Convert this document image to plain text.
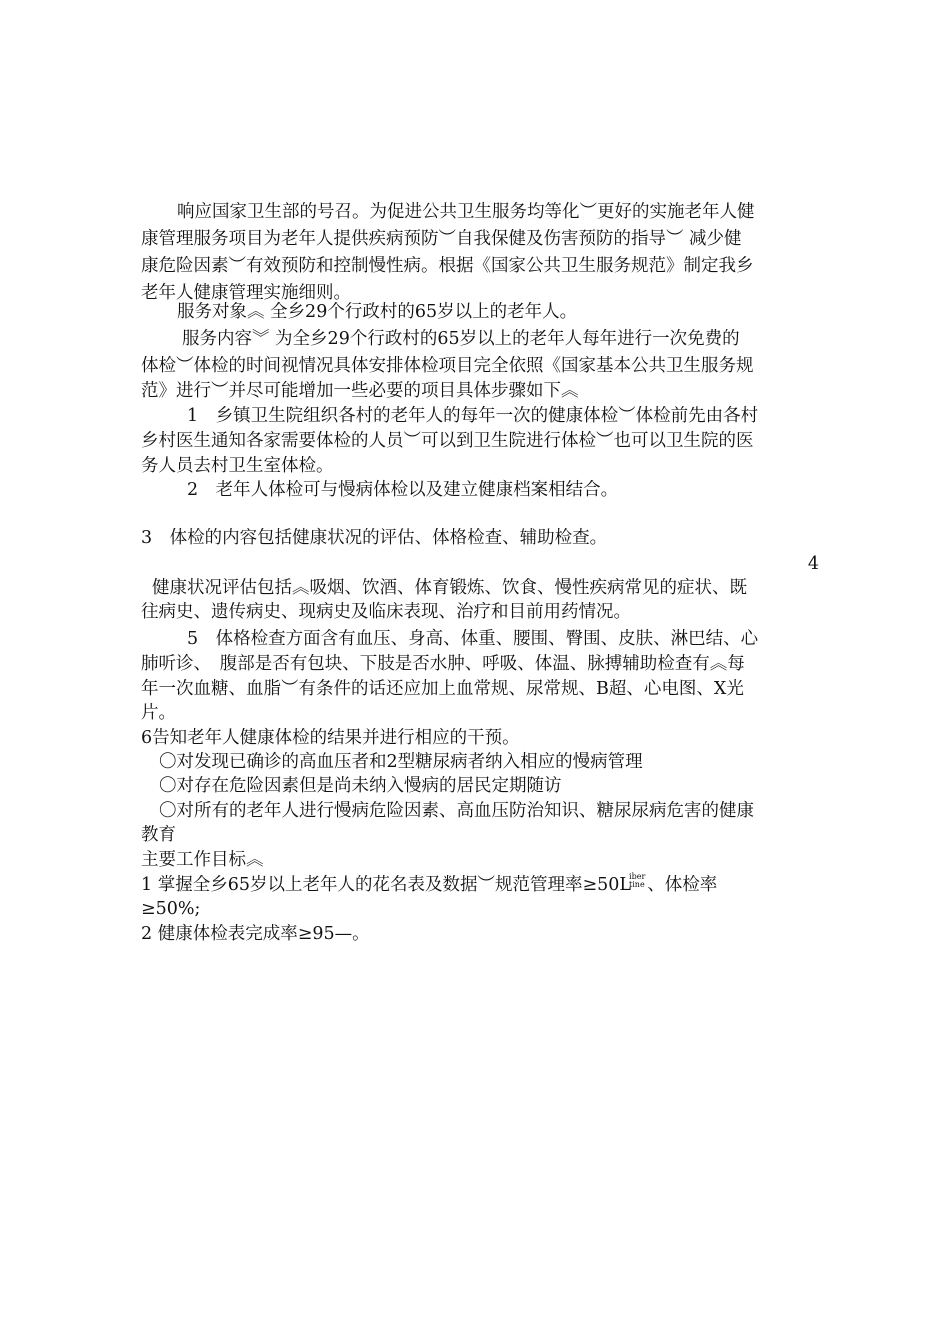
响应国家卫生部的号召。为促进公共卫生服务均等化︶更好的实施老年人健
康管理服务项目为老年人提供疾病预防︶自我保健及伤害预防的指导︶ 减少健
康危险因素︶有效预防和控制慢性病。根据《国家公共卫生服务规范》制定我乡
老年人健康管理实施细则。
服务对象︽ 全乡29个行政村的65岁以上的老年人。
服务内容︾ 为全乡29个行政村的65岁以上的老年人每年进行一次免费的
体检︶体检的时间视情况具体安排体检项目完全依照《国家基本公共卫生服务规
范》进行︶并尽可能增加一些必要的项目具体步骤如下︽
1　乡镇卫生院组织各村的老年人的每年一次的健康体检︶体检前先由各村
乡村医生通知各家需要体检的人员︶可以到卫生院进行体检︶也可以卫生院的医
务人员去村卫生室体检。
2　老年人体检可与慢病体检以及建立健康档案相结合。
3　体检的内容包括健康状况的评估、体格检查、辅助检查。
4
健康状况评估包括︽吸烟、饮酒、体育锻炼、饮食、慢性疾病常见的症状、既
往病史、遗传病史、现病史及临床表现、治疗和目前用药情况。
5　体格检查方面含有血压、身高、体重、腰围、臀围、皮肤、淋巴结、心
肺听诊、　腹部是否有包块、下肢是否水肿、呼吸、体温、脉搏辅助检查有︽每
年一次血糖、血脂︶有条件的话还应加上血常规、尿常规、B超、心电图、X光
片。
6告知老年人健康体检的结果并进行相应的干预。
〇对发现已确诊的高血压者和2型糖尿病者纳入相应的慢病管理
〇对存在危险因素但是尚未纳入慢病的居民定期随访
〇对所有的老年人进行慢病危险因素、高血压防治知识、糖尿尿病危害的健康
教育
主要工作目标︽
1 掌握全乡65岁以上老年人的花名表及数据︶规范管理率≥50L
iber
tine 、体检率
≥50%;
2 健康体检表完成率≥95—。
